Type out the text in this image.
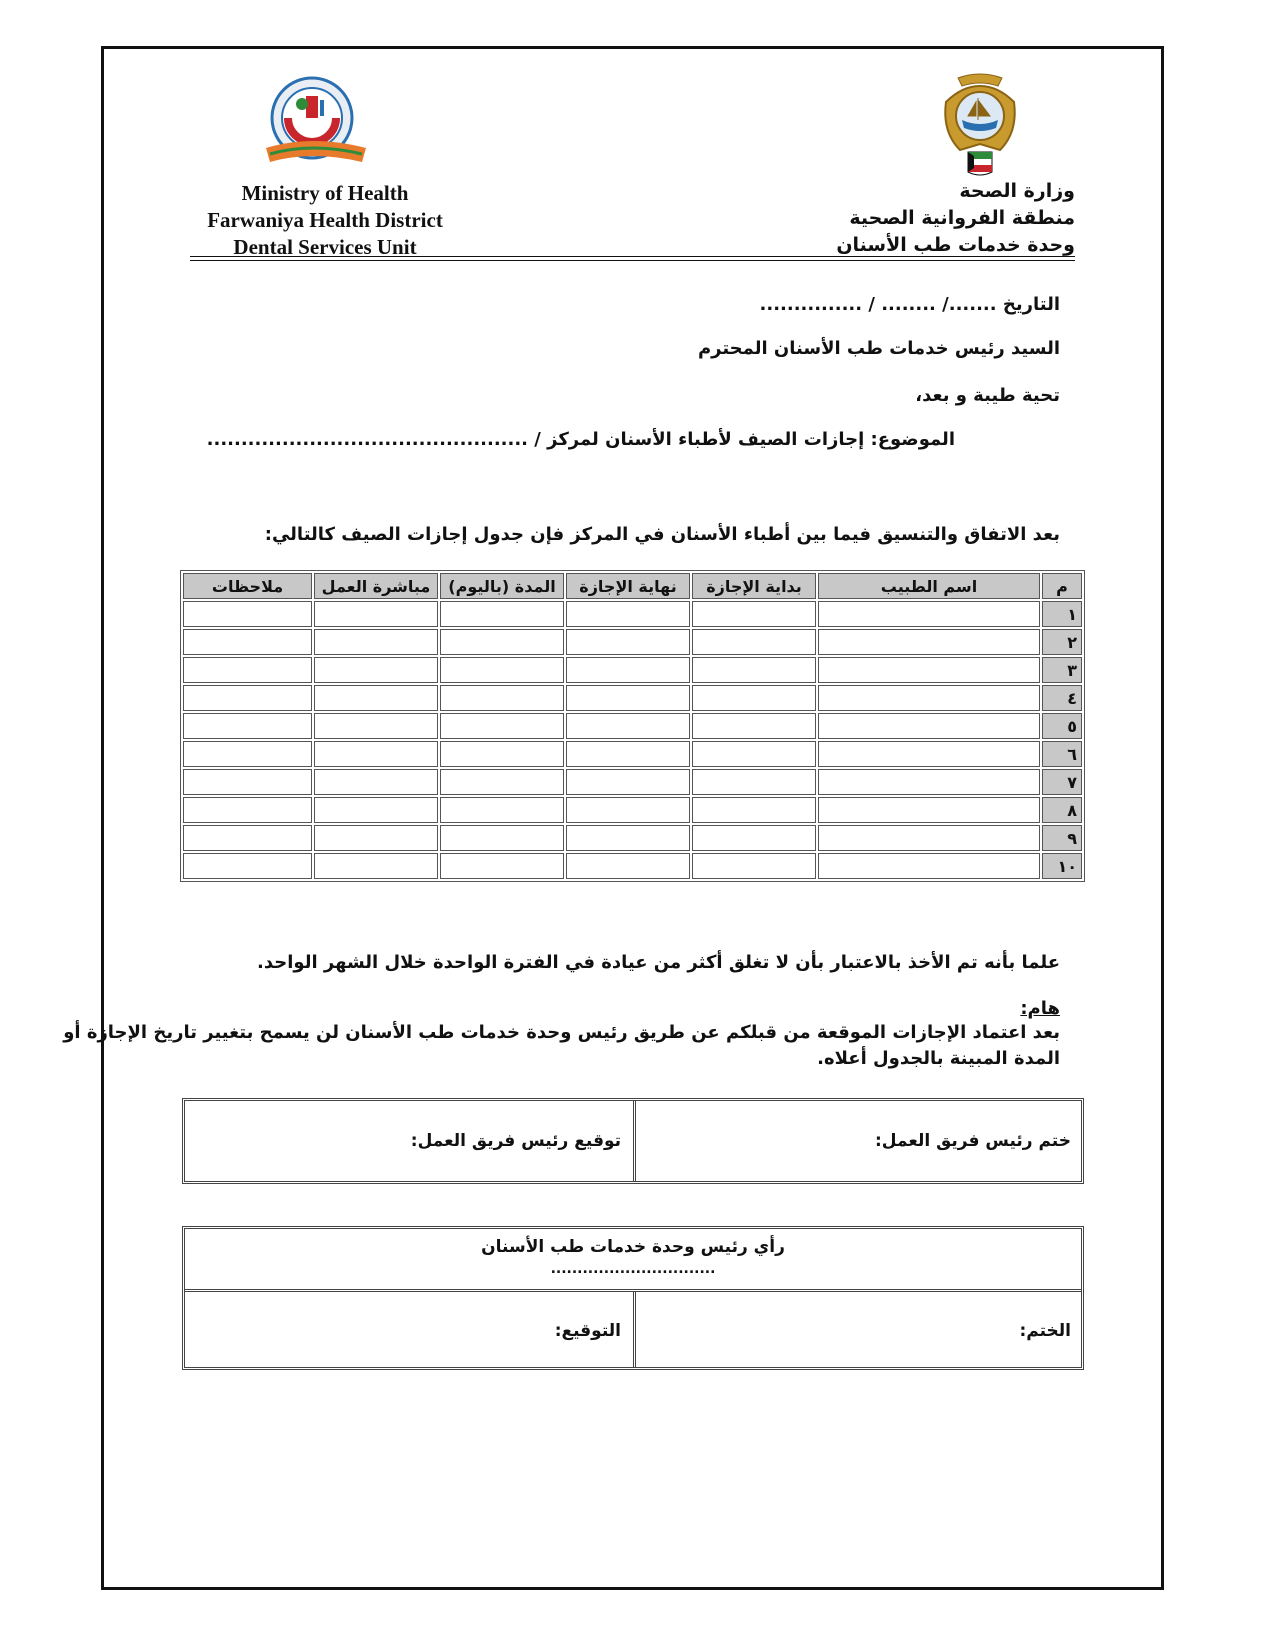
Ministry of Health
Farwaniya Health District
Dental Services Unit
وزارة الصحة
منطقة الفروانية الصحية
وحدة خدمات طب الأسنان
التاريخ ......./ ........ / ...............
السيد رئيس خدمات طب الأسنان المحترم
تحية طيبة و بعد،
الموضوع: إجازات الصيف لأطباء الأسنان لمركز / ...............................................
بعد الاتفاق والتنسيق فيما بين أطباء الأسنان في المركز فإن جدول إجازات الصيف كالتالي:
م	اسم الطبيب	بداية الإجازة	نهاية الإجازة	المدة (باليوم)	مباشرة العمل	ملاحظات
١						
٢						
٣						
٤						
٥						
٦						
٧						
٨						
٩						
١٠						
علما بأنه تم الأخذ بالاعتبار بأن لا تغلق أكثر من عيادة في الفترة الواحدة خلال الشهر الواحد.
هام:
بعد اعتماد الإجازات الموقعة من قبلكم عن طريق رئيس وحدة خدمات طب الأسنان لن يسمح بتغيير تاريخ الإجازة أو
المدة المبينة بالجدول أعلاه.
ختم رئيس فريق العمل:
توقيع رئيس فريق العمل:
رأي رئيس وحدة خدمات طب الأسنان
...............................
الختم:
التوقيع:
